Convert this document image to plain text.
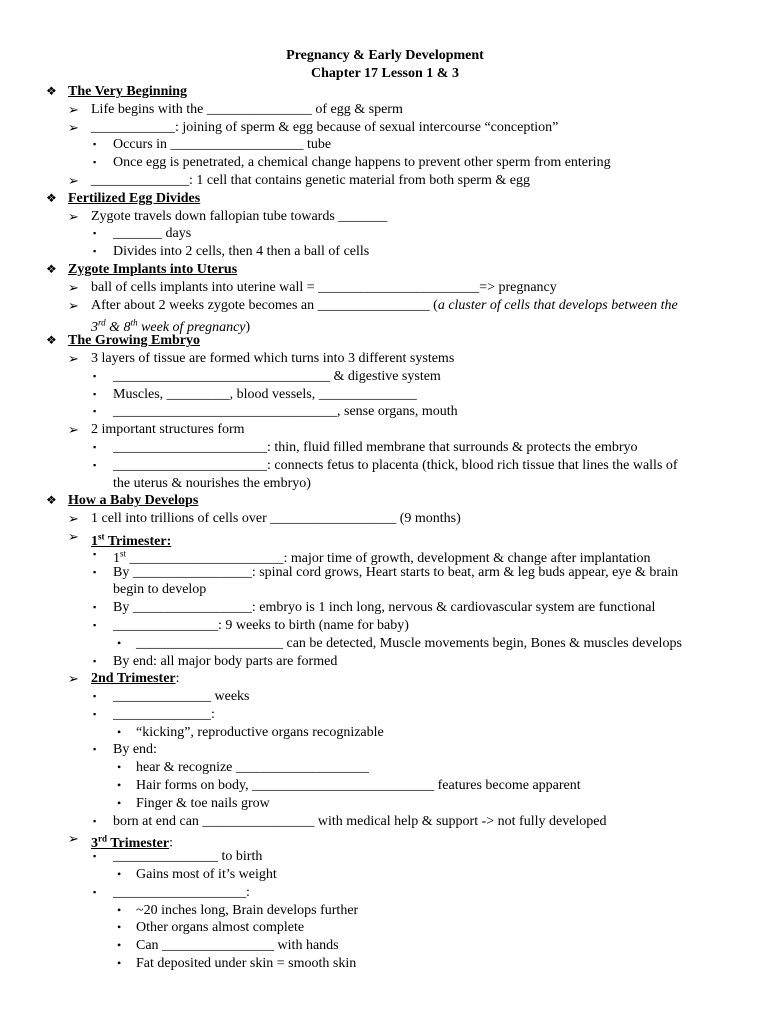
Pregnancy & Early Development
Chapter 17 Lesson 1 & 3
❖ The Very Beginning
➢ Life begins with the _______________ of egg & sperm
➢ ____________: joining of sperm & egg because of sexual intercourse “conception”
▪ Occurs in ___________________ tube
▪ Once egg is penetrated, a chemical change happens to prevent other sperm from entering
➢ ______________: 1 cell that contains genetic material from both sperm & egg
❖ Fertilized Egg Divides
➢ Zygote travels down fallopian tube towards _______
▪ _______ days
▪ Divides into 2 cells, then 4 then a ball of cells
❖ Zygote Implants into Uterus
➢ ball of cells implants into uterine wall = _______________________=> pregnancy
➢ After about 2 weeks zygote becomes an ________________ (a cluster of cells that develops between the
3rd & 8th week of pregnancy)
❖ The Growing Embryo
➢ 3 layers of tissue are formed which turns into 3 different systems
▪ _______________________________ & digestive system
▪ Muscles, _________, blood vessels, ______________
▪ ________________________________, sense organs, mouth
➢ 2 important structures form
▪ ______________________: thin, fluid filled membrane that surrounds & protects the embryo
▪ ______________________: connects fetus to placenta (thick, blood rich tissue that lines the walls of
the uterus & nourishes the embryo)
❖ How a Baby Develops
➢ 1 cell into trillions of cells over __________________ (9 months)
➢ 1st Trimester:
▪ 1st ______________________: major time of growth, development & change after implantation
▪ By _________________: spinal cord grows, Heart starts to beat, arm & leg buds appear, eye & brain
begin to develop
▪ By _________________: embryo is 1 inch long, nervous & cardiovascular system are functional
▪ _______________: 9 weeks to birth (name for baby)
• _____________________ can be detected, Muscle movements begin, Bones & muscles develops
▪ By end: all major body parts are formed
➢ 2nd Trimester:
▪ ______________ weeks
▪ ______________:
• “kicking”, reproductive organs recognizable
▪ By end:
• hear & recognize ___________________
• Hair forms on body, __________________________ features become apparent
• Finger & toe nails grow
▪ born at end can ________________ with medical help & support -> not fully developed
➢ 3rd Trimester:
▪ _______________ to birth
• Gains most of it’s weight
▪ ___________________:
• ~20 inches long, Brain develops further
• Other organs almost complete
• Can ________________ with hands
• Fat deposited under skin = smooth skin
